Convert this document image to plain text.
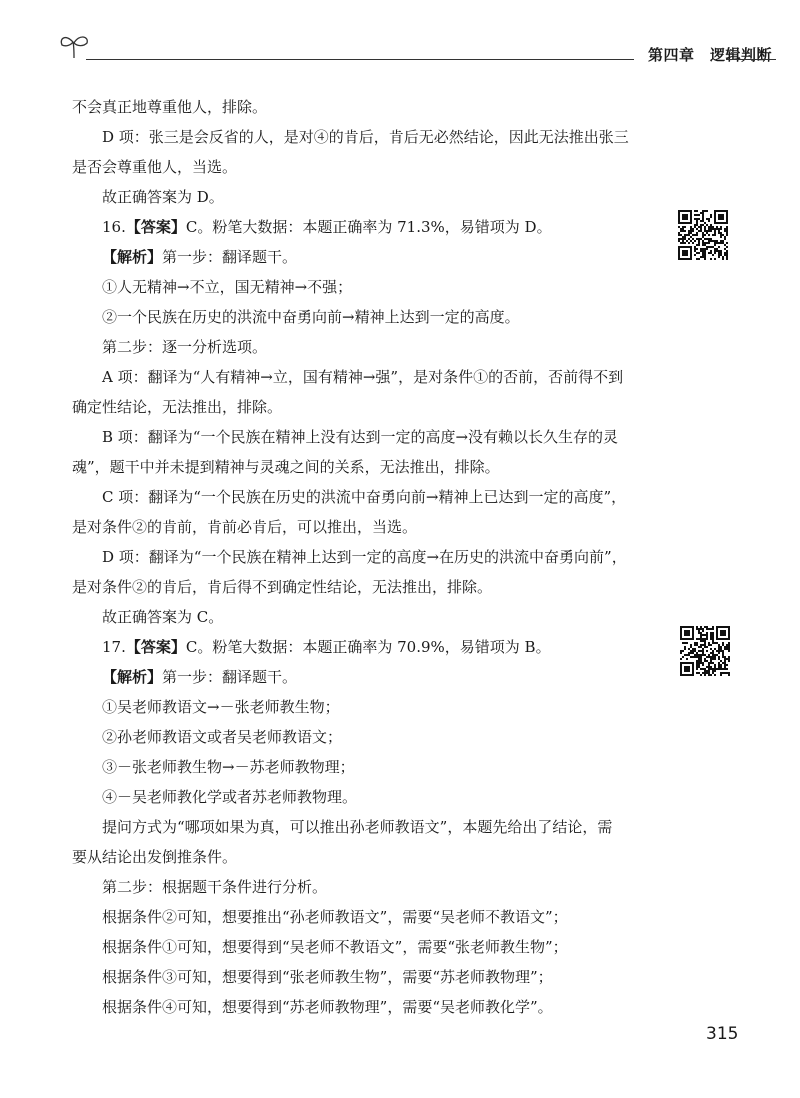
第四章　逻辑判断

不会真正地尊重他人，排除。

D 项：张三是会反省的人，是对④的肯后，肯后无必然结论，因此无法推出张三

是否会尊重他人，当选。

故正确答案为 D。

16.【答案】C。粉笔大数据：本题正确率为 71.3%，易错项为 D。

【解析】第一步：翻译题干。

①人无精神→不立，国无精神→不强；

②一个民族在历史的洪流中奋勇向前→精神上达到一定的高度。

第二步：逐一分析选项。

A 项：翻译为“人有精神→立，国有精神→强”，是对条件①的否前，否前得不到

确定性结论，无法推出，排除。

B 项：翻译为“一个民族在精神上没有达到一定的高度→没有赖以长久生存的灵

魂”，题干中并未提到精神与灵魂之间的关系，无法推出，排除。

C 项：翻译为“一个民族在历史的洪流中奋勇向前→精神上已达到一定的高度”，

是对条件②的肯前，肯前必肯后，可以推出，当选。

D 项：翻译为“一个民族在精神上达到一定的高度→在历史的洪流中奋勇向前”，

是对条件②的肯后，肯后得不到确定性结论，无法推出，排除。

故正确答案为 C。

17.【答案】C。粉笔大数据：本题正确率为 70.9%，易错项为 B。

【解析】第一步：翻译题干。

①吴老师教语文→－张老师教生物；

②孙老师教语文或者吴老师教语文；

③－张老师教生物→－苏老师教物理；

④－吴老师教化学或者苏老师教物理。

提问方式为“哪项如果为真，可以推出孙老师教语文”，本题先给出了结论，需

要从结论出发倒推条件。

第二步：根据题干条件进行分析。

根据条件②可知，想要推出“孙老师教语文”，需要“吴老师不教语文”；

根据条件①可知，想要得到“吴老师不教语文”，需要“张老师教生物”；

根据条件③可知，想要得到“张老师教生物”，需要“苏老师教物理”；

根据条件④可知，想要得到“苏老师教物理”，需要“吴老师教化学”。

315
